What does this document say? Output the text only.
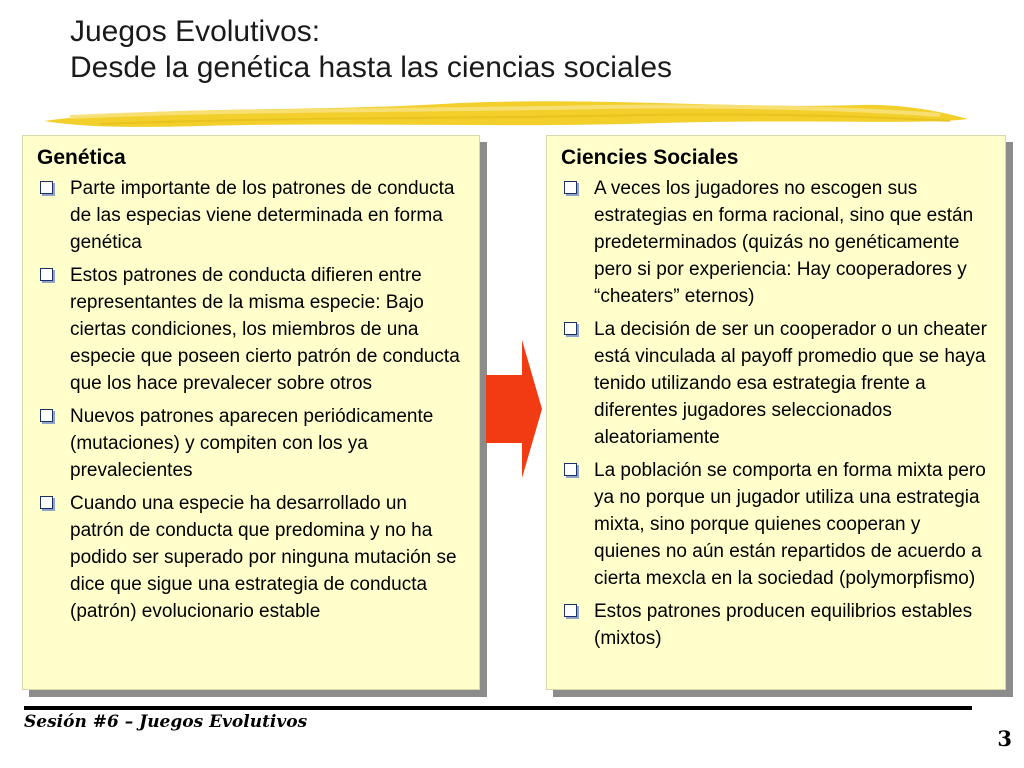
Juegos Evolutivos:
Desde la genética hasta las ciencias sociales
Genética
Parte importante de los patrones de conducta de las especias viene determinada en forma genética
Estos patrones de conducta difieren entre representantes de la misma especie: Bajo ciertas condiciones, los miembros de una especie que poseen cierto patrón de conducta que los hace prevalecer sobre otros
Nuevos patrones aparecen periódicamente (mutaciones) y compiten con los ya prevalecientes
Cuando una especie ha desarrollado un patrón de conducta que predomina y no ha podido ser superado por ninguna mutación se dice que sigue una estrategia de conducta (patrón) evolucionario estable
Ciencies Sociales
A veces los jugadores no escogen sus estrategias en forma racional, sino que están predeterminados (quizás no genéticamente pero si por experiencia: Hay cooperadores y “cheaters” eternos)
La decisión de ser un cooperador o un cheater está vinculada al payoff promedio que se haya tenido utilizando esa estrategia frente a diferentes jugadores seleccionados aleatoriamente
La población se comporta en forma mixta pero ya no porque un jugador utiliza una estrategia mixta, sino porque quienes cooperan y quienes no aún están repartidos de acuerdo a cierta mexcla en la sociedad (polymorpfismo)
Estos patrones producen equilibrios estables (mixtos)
Sesión #6 – Juegos Evolutivos
3
